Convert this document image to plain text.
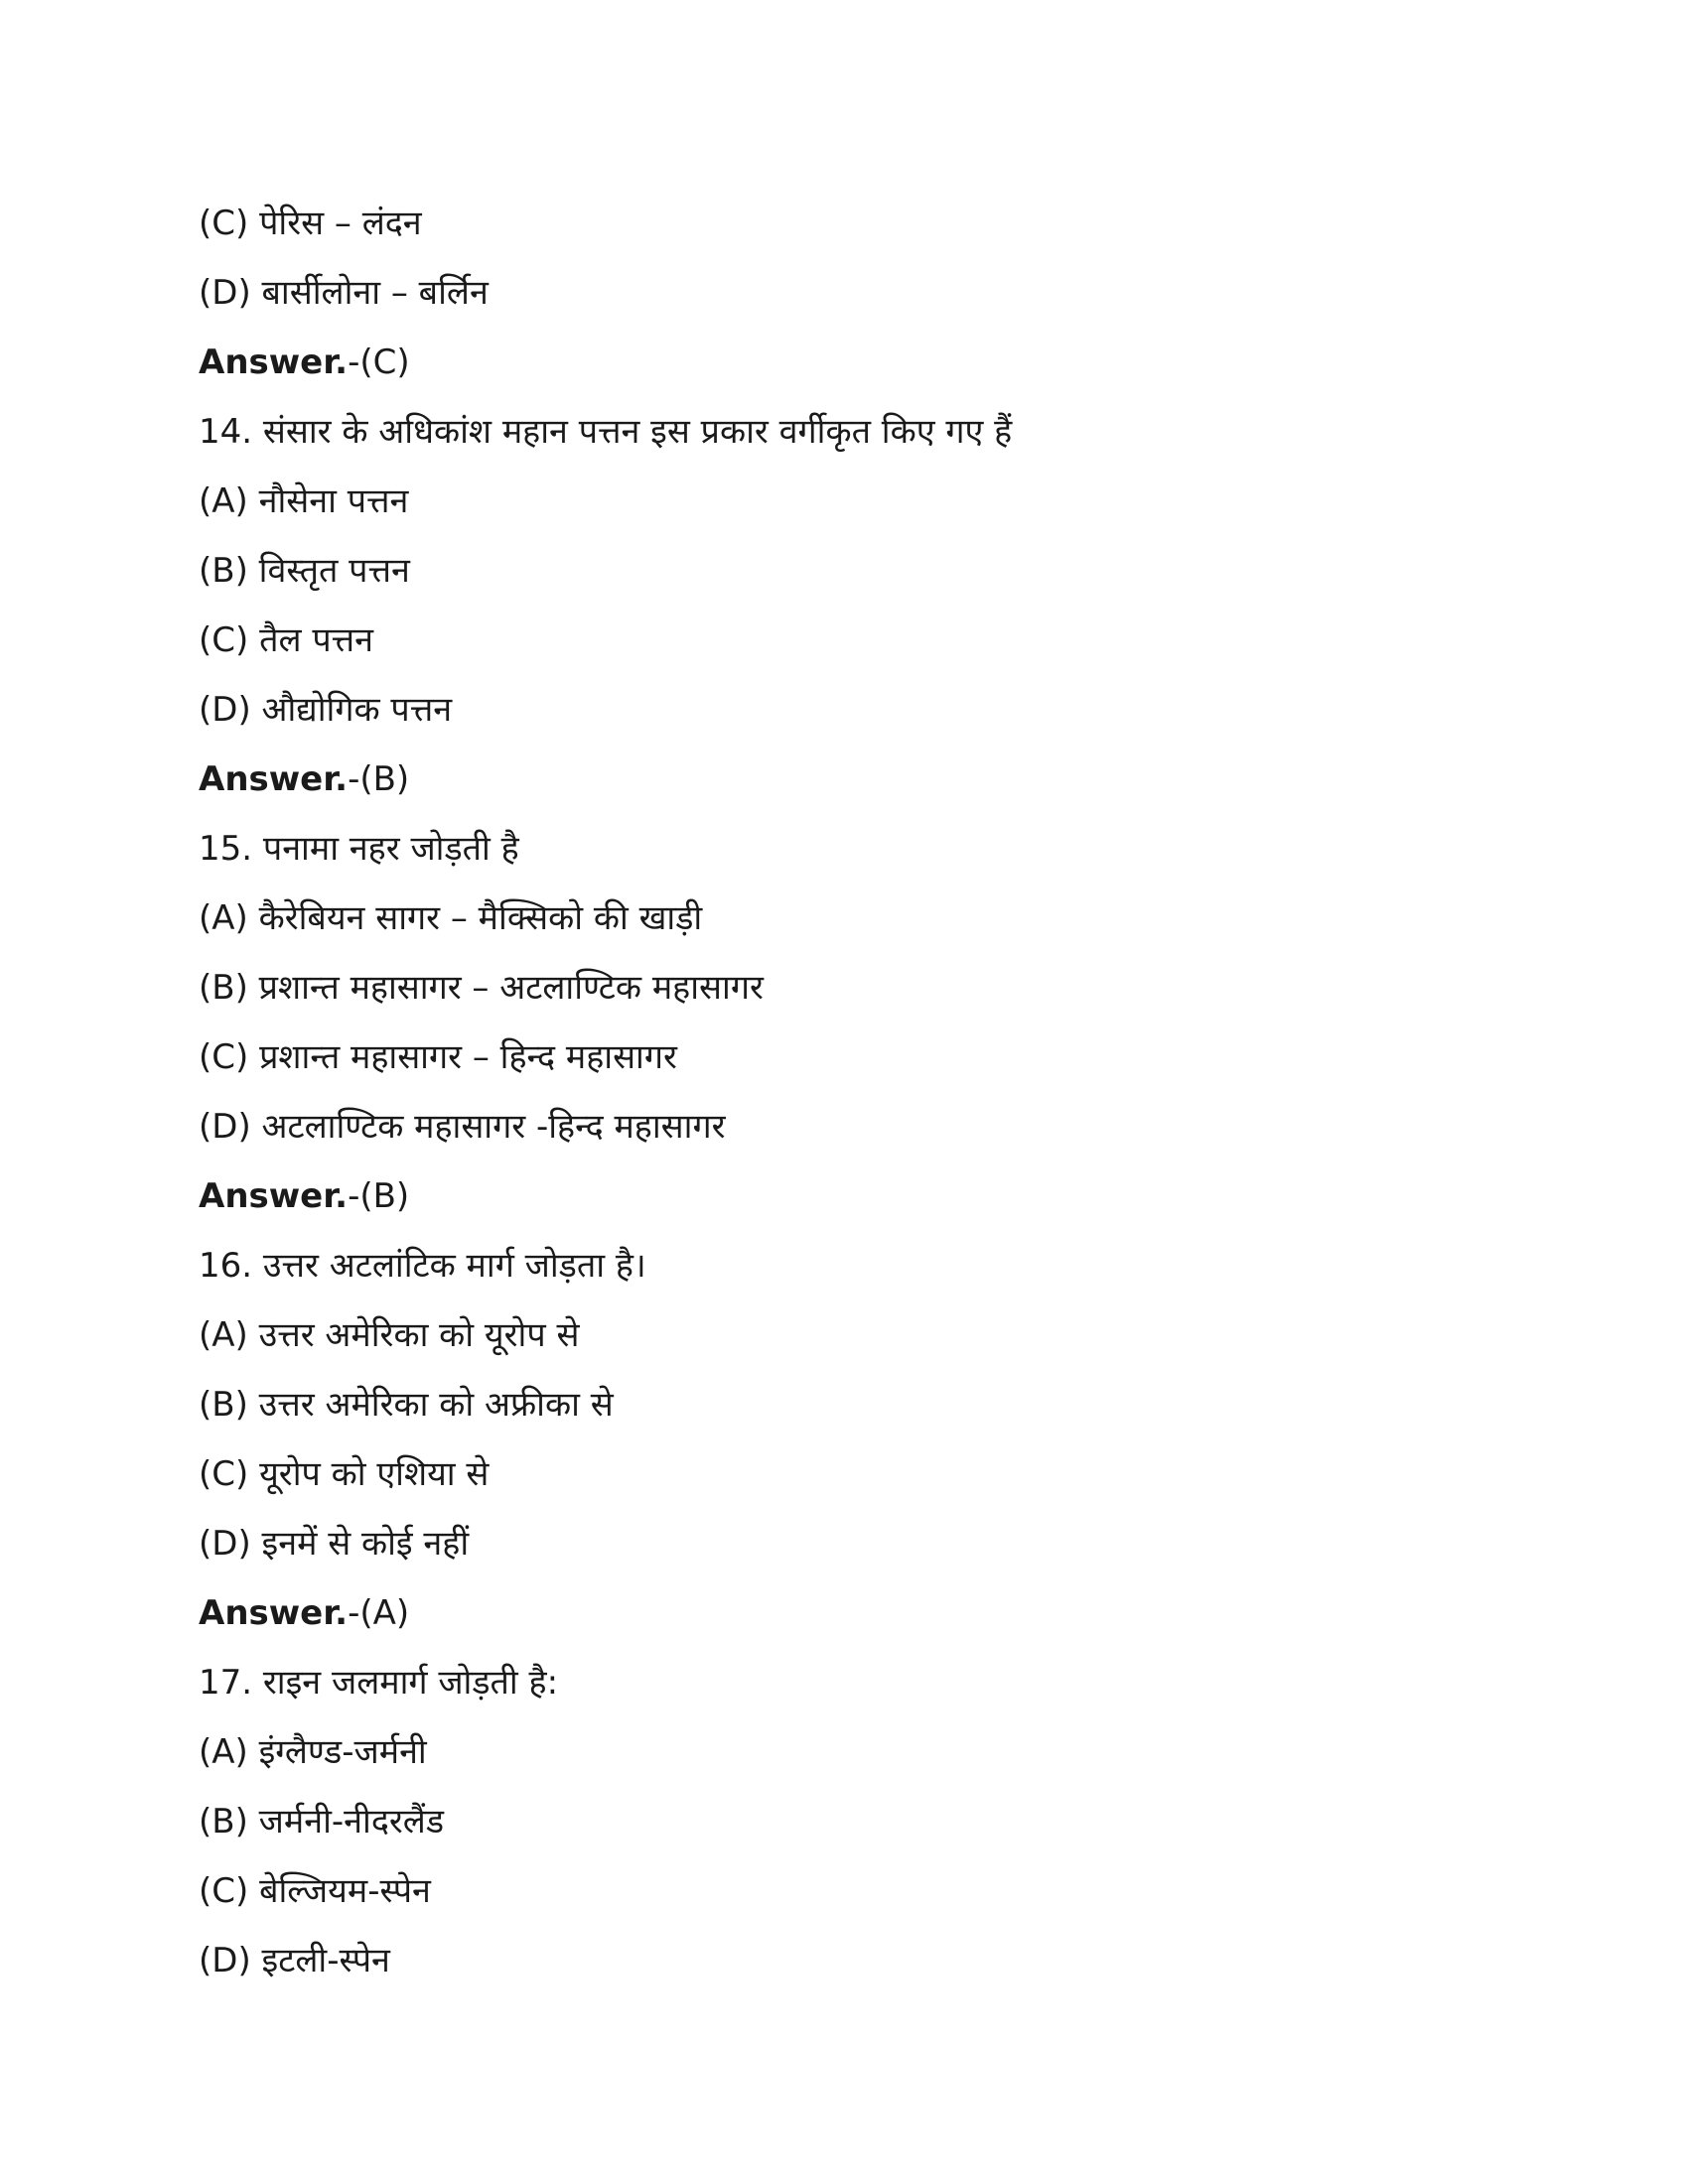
(C) पेरिस – लंदन
(D) बार्सीलोना – बर्लिन
Answer.-(C)
14. संसार के अधिकांश महान पत्तन इस प्रकार वर्गीकृत किए गए हैं
(A) नौसेना पत्तन
(B) विस्तृत पत्तन
(C) तैल पत्तन
(D) औद्योगिक पत्तन
Answer.-(B)
15. पनामा नहर जोड़ती है
(A) कैरेबियन सागर – मैक्सिको की खाड़ी
(B) प्रशान्त महासागर – अटलाण्टिक महासागर
(C) प्रशान्त महासागर – हिन्द महासागर
(D) अटलाण्टिक महासागर -हिन्द महासागर
Answer.-(B)
16. उत्तर अटलांटिक मार्ग जोड़ता है।
(A) उत्तर अमेरिका को यूरोप से
(B) उत्तर अमेरिका को अफ्रीका से
(C) यूरोप को एशिया से
(D) इनमें से कोई नहीं
Answer.-(A)
17. राइन जलमार्ग जोड़ती है:
(A) इंग्लैण्ड-जर्मनी
(B) जर्मनी-नीदरलैंड
(C) बेल्जियम-स्पेन
(D) इटली-स्पेन
